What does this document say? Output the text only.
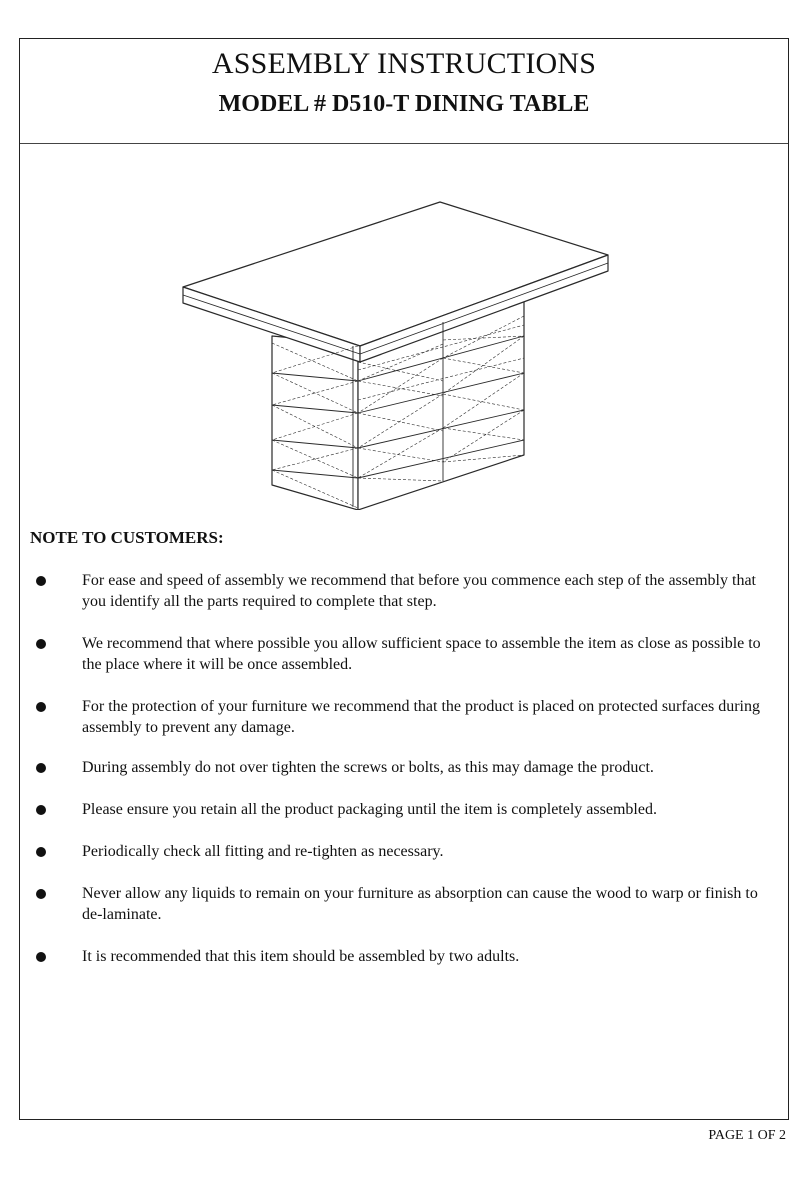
ASSEMBLY INSTRUCTIONS
MODEL # D510-T DINING TABLE
NOTE TO CUSTOMERS:
For ease and speed of assembly we recommend that before you commence each step of the assembly that you identify all the parts required to complete that step.
We recommend that where possible you allow sufficient space to assemble the item as close as possible to the place where it will be once assembled.
For the protection of your furniture we recommend that the product is placed on protected surfaces during assembly to prevent any damage.
During assembly do not over tighten the screws or bolts, as this may damage the product.
Please ensure you retain all the product packaging until the item is completely assembled.
Periodically check all fitting and re-tighten as necessary.
Never allow any liquids to remain on your furniture as absorption can cause the wood to warp or finish to de-laminate.
It is recommended that this item should be assembled by two adults.
PAGE 1 OF 2
